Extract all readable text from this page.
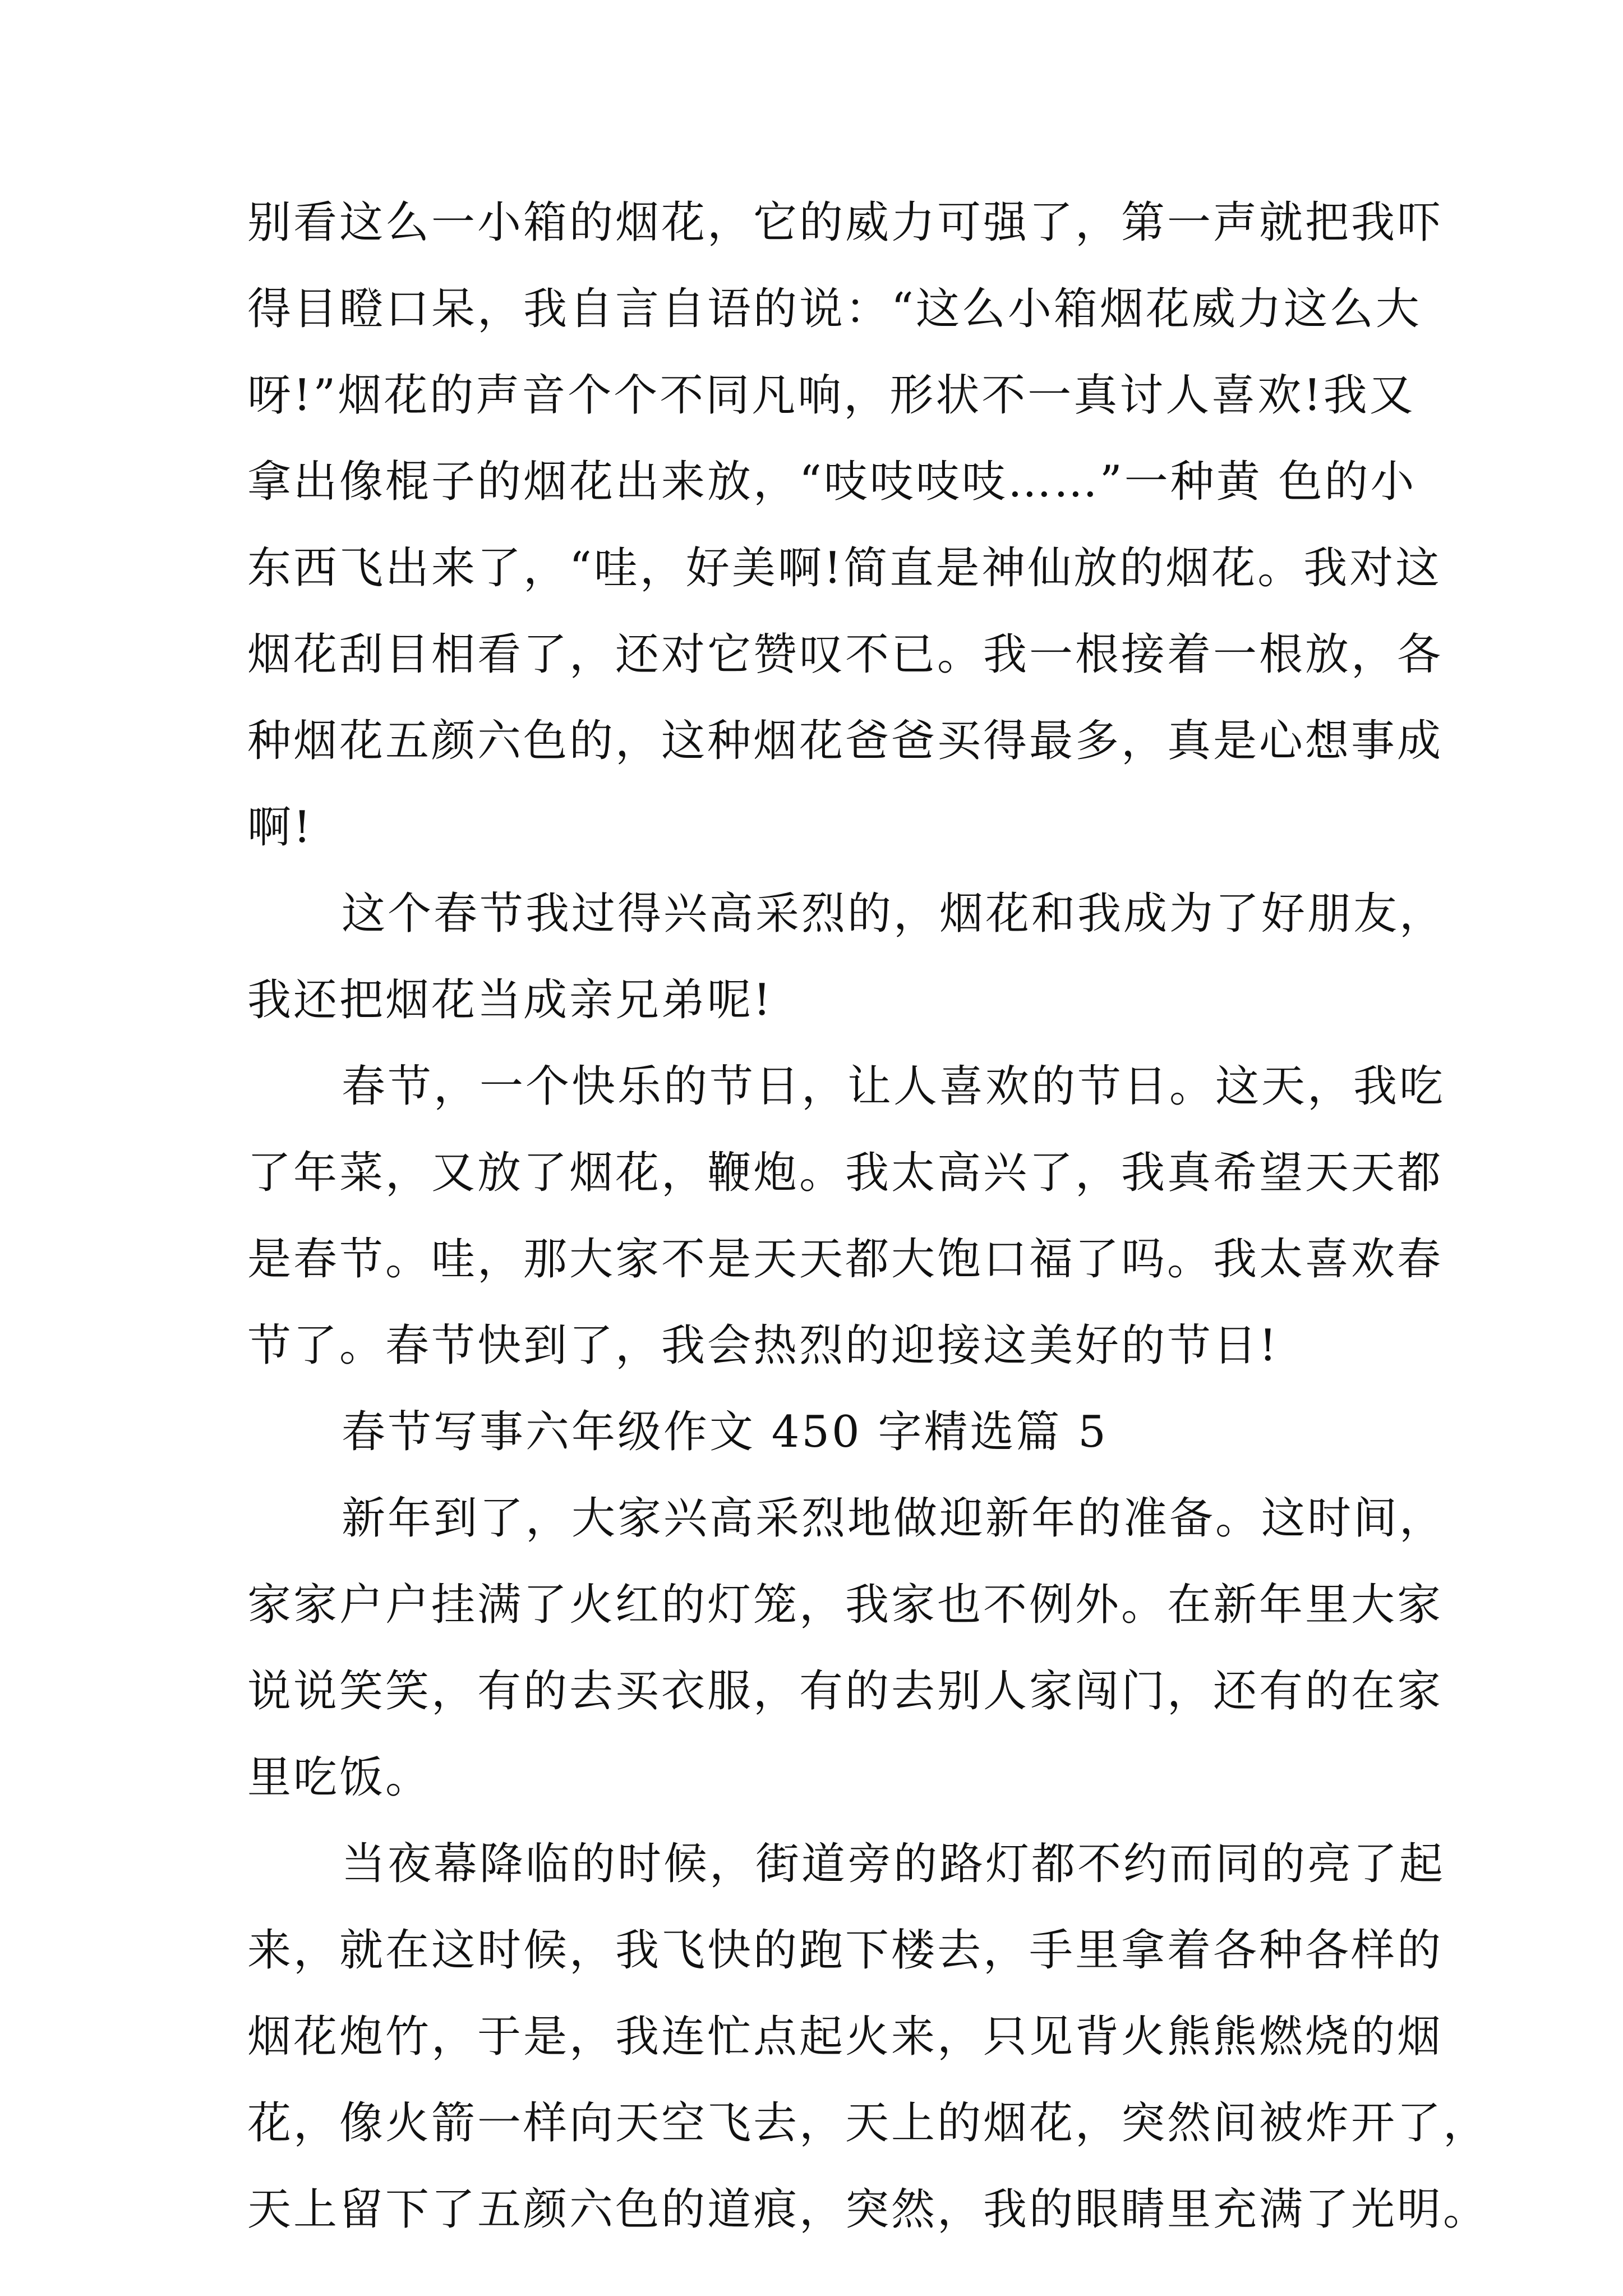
别看这么一小箱的烟花，它的威力可强了，第一声就把我吓
得目瞪口呆，我自言自语的说：“这么小箱烟花威力这么大
呀!”烟花的声音个个不同凡响，形状不一真讨人喜欢!我又
拿出像棍子的烟花出来放，“吱吱吱吱……”一种黄 色的小
东西飞出来了，“哇，好美啊!简直是神仙放的烟花。我对这
烟花刮目相看了，还对它赞叹不已。我一根接着一根放，各
种烟花五颜六色的，这种烟花爸爸买得最多，真是心想事成
啊!
这个春节我过得兴高采烈的，烟花和我成为了好朋友，
我还把烟花当成亲兄弟呢!
春节，一个快乐的节日，让人喜欢的节日。这天，我吃
了年菜，又放了烟花，鞭炮。我太高兴了，我真希望天天都
是春节。哇，那大家不是天天都大饱口福了吗。我太喜欢春
节了。春节快到了，我会热烈的迎接这美好的节日!
春节写事六年级作文 450 字精选篇 5
新年到了，大家兴高采烈地做迎新年的准备。这时间，
家家户户挂满了火红的灯笼，我家也不例外。在新年里大家
说说笑笑，有的去买衣服，有的去别人家闯门，还有的在家
里吃饭。
当夜幕降临的时候，街道旁的路灯都不约而同的亮了起
来，就在这时候，我飞快的跑下楼去，手里拿着各种各样的
烟花炮竹，于是，我连忙点起火来，只见背火熊熊燃烧的烟
花，像火箭一样向天空飞去，天上的烟花，突然间被炸开了，
天上留下了五颜六色的道痕，突然，我的眼睛里充满了光明。
